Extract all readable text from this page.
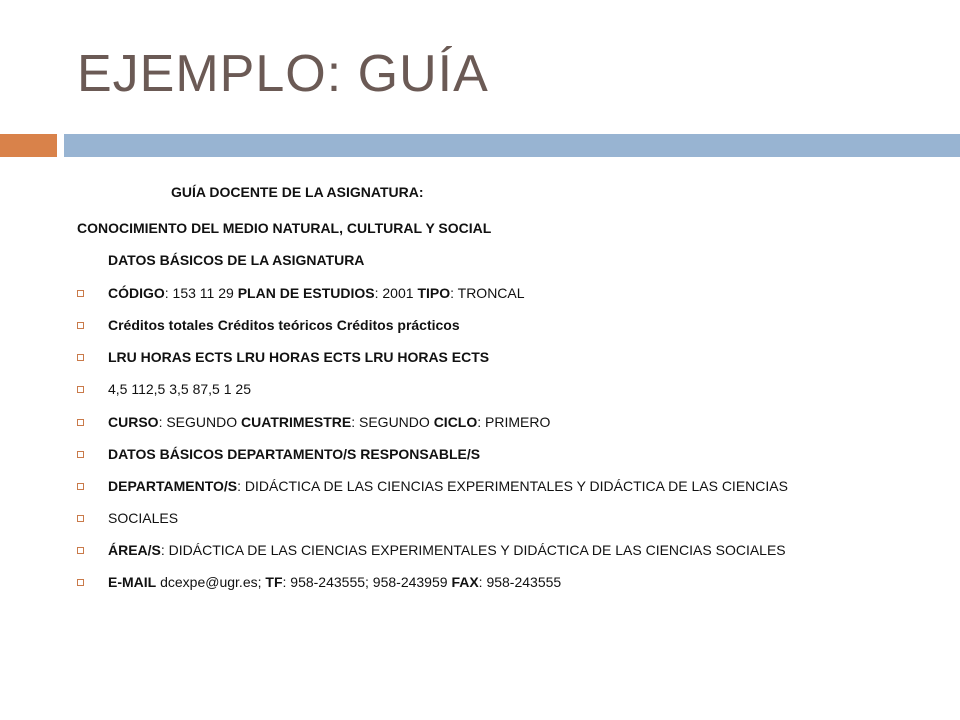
EJEMPLO: GUÍA
GUÍA DOCENTE DE LA ASIGNATURA:
CONOCIMIENTO DEL MEDIO NATURAL, CULTURAL Y SOCIAL
DATOS BÁSICOS DE LA ASIGNATURA
CÓDIGO: 153 11 29 PLAN DE ESTUDIOS: 2001 TIPO: TRONCAL
Créditos totales Créditos teóricos Créditos prácticos
LRU HORAS ECTS LRU HORAS ECTS LRU HORAS ECTS
4,5 112,5 3,5 87,5 1 25
CURSO: SEGUNDO CUATRIMESTRE: SEGUNDO CICLO: PRIMERO
DATOS BÁSICOS DEPARTAMENTO/S RESPONSABLE/S
DEPARTAMENTO/S: DIDÁCTICA DE LAS CIENCIAS EXPERIMENTALES Y DIDÁCTICA DE LAS CIENCIAS
SOCIALES
ÁREA/S: DIDÁCTICA DE LAS CIENCIAS EXPERIMENTALES Y DIDÁCTICA DE LAS CIENCIAS SOCIALES
E-MAIL dcexpe@ugr.es; TF: 958-243555; 958-243959 FAX: 958-243555
